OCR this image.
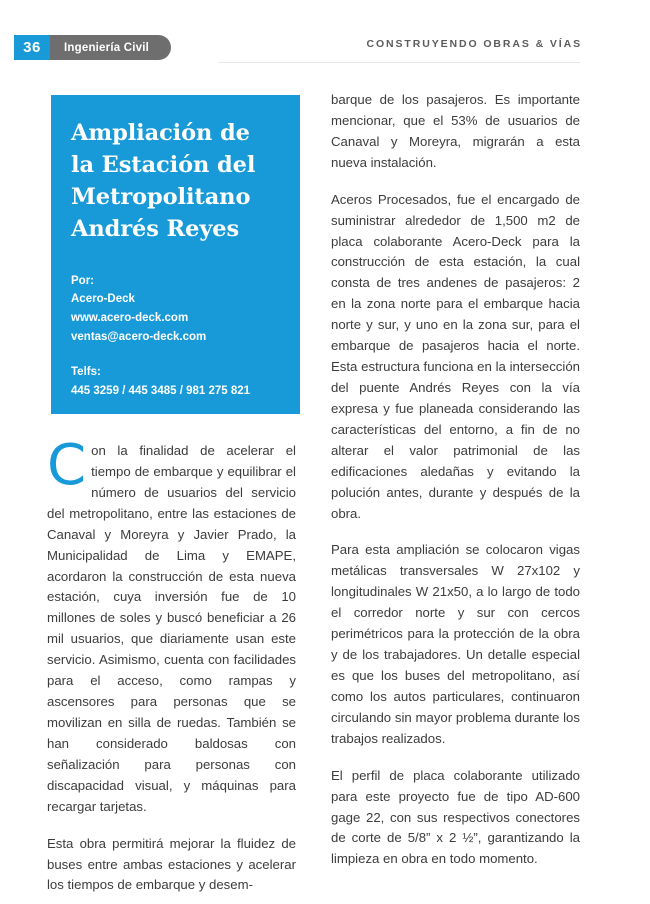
36	Ingeniería Civil	CONSTRUYENDO OBRAS & VÍAS
Ampliación de la Estación del Metropolitano Andrés Reyes
Por:
Acero-Deck
www.acero-deck.com
ventas@acero-deck.com
Telfs:
445 3259 / 445 3485 / 981 275 821

Con la finalidad de acelerar el tiempo de embarque y equilibrar el número de usuarios del servicio del metropolitano, entre las estaciones de Canaval y Moreyra y Javier Prado, la Municipalidad de Lima y EMAPE, acordaron la construcción de esta nueva estación, cuya inversión fue de 10 millones de soles y buscó beneficiar a 26 mil usuarios, que diariamente usan este servicio. Asimismo, cuenta con facilidades para el acceso, como rampas y ascensores para personas que se movilizan en silla de ruedas. También se han considerado baldosas con señalización para personas con discapacidad visual, y máquinas para recargar tarjetas.

Esta obra permitirá mejorar la fluidez de buses entre ambas estaciones y acelerar los tiempos de embarque y desem-

barque de los pasajeros. Es importante mencionar, que el 53% de usuarios de Canaval y Moreyra, migrarán a esta nueva instalación.

Aceros Procesados, fue el encargado de suministrar alrededor de 1,500 m2 de placa colaborante Acero-Deck para la construcción de esta estación, la cual consta de tres andenes de pasajeros: 2 en la zona norte para el embarque hacia norte y sur, y uno en la zona sur, para el embarque de pasajeros hacia el norte. Esta estructura funciona en la intersección del puente Andrés Reyes con la vía expresa y fue planeada considerando las características del entorno, a fin de no alterar el valor patrimonial de las edificaciones aledañas y evitando la polución antes, durante y después de la obra.

Para esta ampliación se colocaron vigas metálicas transversales W 27x102 y longitudinales W 21x50, a lo largo de todo el corredor norte y sur con cercos perimétricos para la protección de la obra y de los trabajadores. Un detalle especial es que los buses del metropolitano, así como los autos particulares, continuaron circulando sin mayor problema durante los trabajos realizados.

El perfil de placa colaborante utilizado para este proyecto fue de tipo AD-600 gage 22, con sus respectivos conectores de corte de 5/8” x 2 ½”, garantizando la limpieza en obra en todo momento.
